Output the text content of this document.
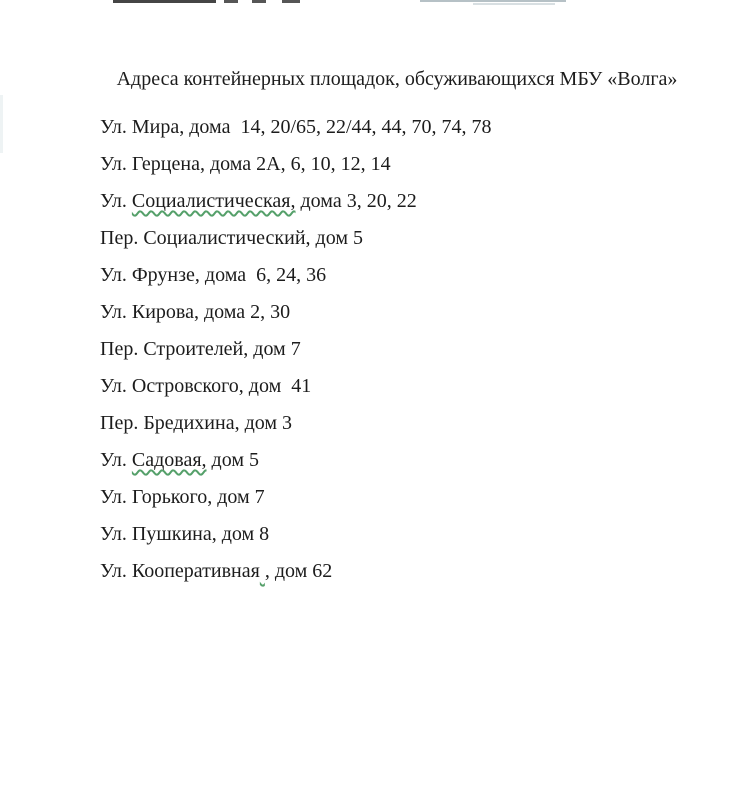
Адреса контейнерных площадок, обсуживающихся МБУ «Волга»
Ул. Мира, дома  14, 20/65, 22/44, 44, 70, 74, 78
Ул. Герцена, дома 2А, 6, 10, 12, 14
Ул. Социалистическая, дома 3, 20, 22
Пер. Социалистический, дом 5
Ул. Фрунзе, дома  6, 24, 36
Ул. Кирова, дома 2, 30
Пер. Строителей, дом 7
Ул. Островского, дом  41
Пер. Бредихина, дом 3
Ул. Садовая, дом 5
Ул. Горького, дом 7
Ул. Пушкина, дом 8
Ул. Кооперативная , дом 62
